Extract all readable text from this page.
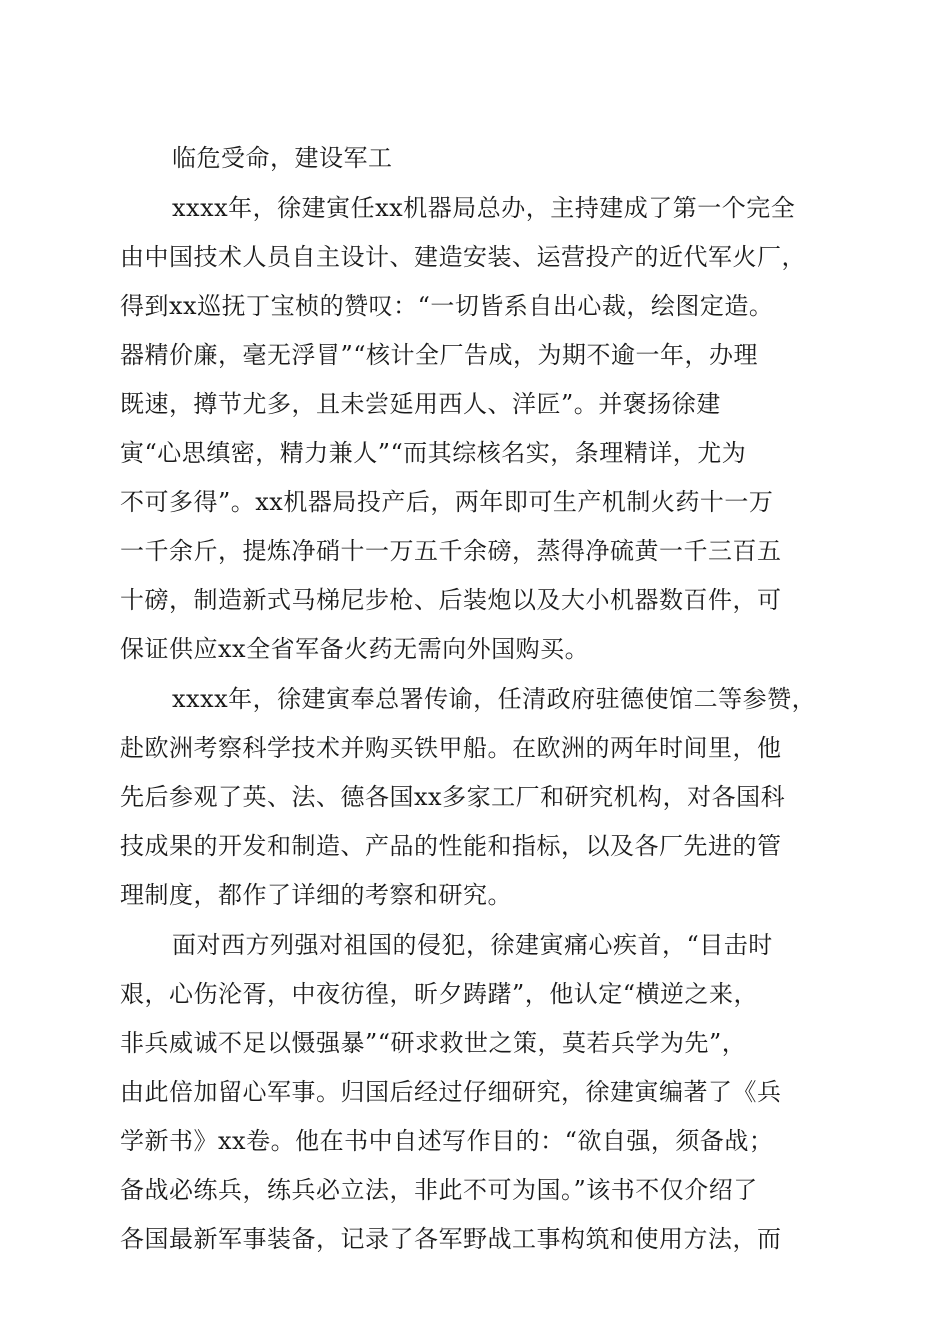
临危受命，建设军工
xxxx年，徐建寅任xx机器局总办，主持建成了第一个完全
由中国技术人员自主设计、建造安装、运营投产的近代军火厂，
得到xx巡抚丁宝桢的赞叹：“一切皆系自出心裁，绘图定造。
器精价廉，毫无浮冒”“核计全厂告成，为期不逾一年，办理
既速，撙节尤多，且未尝延用西人、洋匠”。并褒扬徐建
寅“心思缜密，精力兼人”“而其综核名实，条理精详，尤为
不可多得”。xx机器局投产后，两年即可生产机制火药十一万
一千余斤，提炼净硝十一万五千余磅，蒸得净硫黄一千三百五
十磅，制造新式马梯尼步枪、后装炮以及大小机器数百件，可
保证供应xx全省军备火药无需向外国购买。
xxxx年，徐建寅奉总署传谕，任清政府驻德使馆二等参赞，
赴欧洲考察科学技术并购买铁甲船。在欧洲的两年时间里，他
先后参观了英、法、德各国xx多家工厂和研究机构，对各国科
技成果的开发和制造、产品的性能和指标，以及各厂先进的管
理制度，都作了详细的考察和研究。
面对西方列强对祖国的侵犯，徐建寅痛心疾首，“目击时
艰，心伤沦胥，中夜彷徨，昕夕踌躇”，他认定“横逆之来，
非兵威诚不足以慑强暴”“研求救世之策，莫若兵学为先”，
由此倍加留心军事。归国后经过仔细研究，徐建寅编著了《兵
学新书》xx卷。他在书中自述写作目的：“欲自强，须备战；
备战必练兵，练兵必立法，非此不可为国。”该书不仅介绍了
各国最新军事装备，记录了各军野战工事构筑和使用方法，而
